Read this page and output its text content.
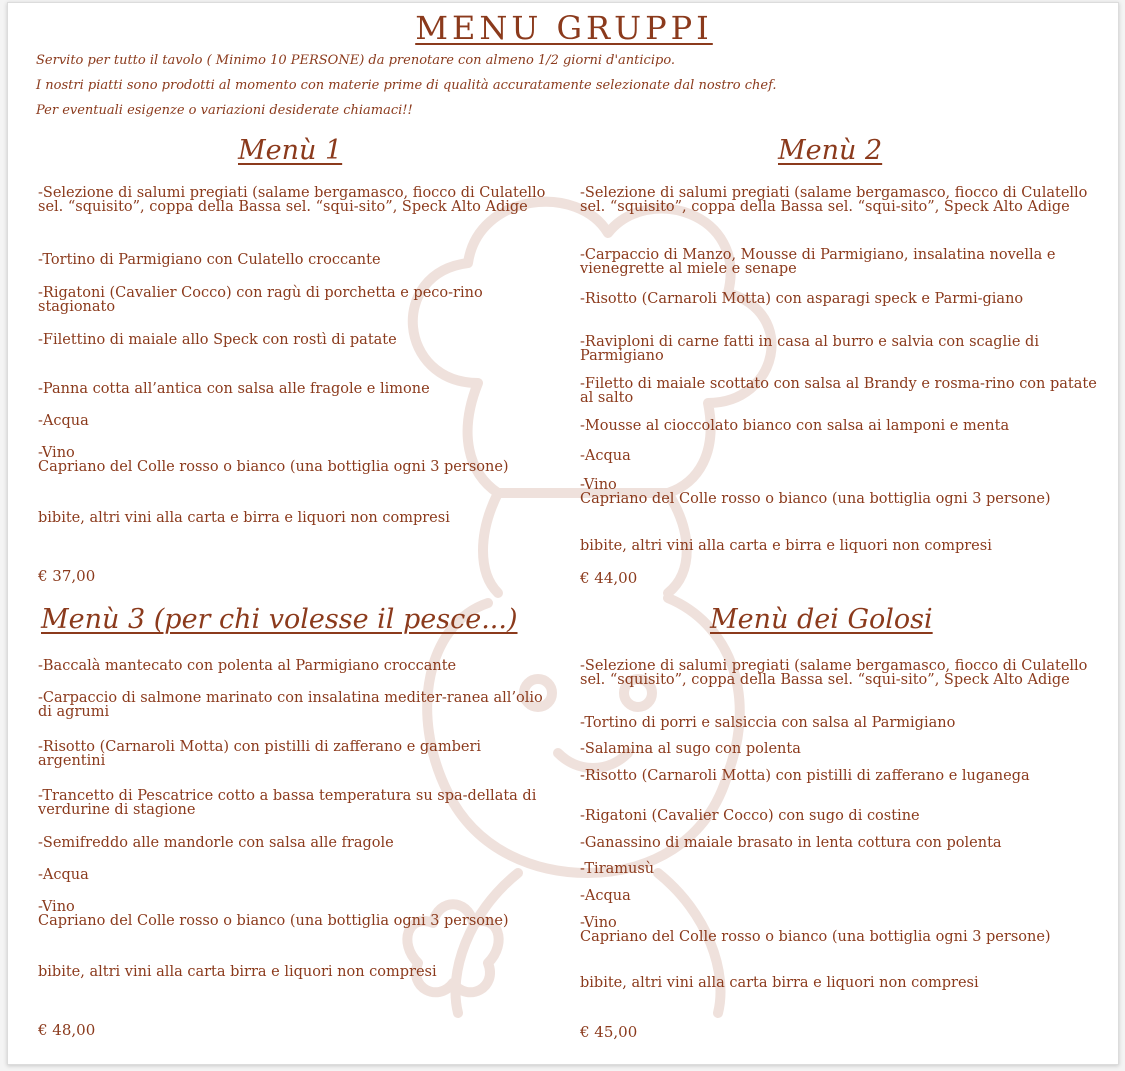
MENU GRUPPI
Servito per tutto il tavolo ( Minimo 10 PERSONE) da prenotare con almeno 1/2 giorni d'anticipo.
I nostri piatti sono prodotti al momento con materie prime di qualità accuratamente selezionate dal nostro chef.
Per eventuali esigenze o variazioni desiderate chiamaci!!
Menù 1
-Selezione di salumi pregiati (salame bergamasco, fiocco di Culatello sel. “squisito”, coppa della Bassa sel. “squi-sito”, Speck Alto Adige
-Tortino di Parmigiano con Culatello croccante
-Rigatoni (Cavalier Cocco) con ragù di porchetta e peco-rino stagionato
-Filettino di maiale allo Speck con rostì di patate
-Panna cotta all’antica con salsa alle fragole e limone
-Acqua
-Vino
Capriano del Colle rosso o bianco (una bottiglia ogni 3 persone)
bibite, altri vini alla carta e birra e liquori non compresi
€ 37,00
Menù 2
-Selezione di salumi pregiati (salame bergamasco, fiocco di Culatello sel. “squisito”, coppa della Bassa sel. “squi-sito”, Speck Alto Adige
-Carpaccio di Manzo, Mousse di Parmigiano, insalatina novella e vienegrette al miele e senape
-Risotto (Carnaroli Motta) con asparagi speck e Parmi-giano
-Raviploni di carne fatti in casa al burro e salvia con scaglie di Parmigiano
-Filetto di maiale scottato con salsa al Brandy e rosma-rino con patate al salto
-Mousse al cioccolato bianco con salsa ai lamponi e menta
-Acqua
-Vino
Capriano del Colle rosso o bianco (una bottiglia ogni 3 persone)
bibite, altri vini alla carta e birra e liquori non compresi
€ 44,00
Menù 3 (per chi volesse il pesce...)
-Baccalà mantecato con polenta al Parmigiano croccante
-Carpaccio di salmone marinato con insalatina mediter-ranea all’olio di agrumi
-Risotto (Carnaroli Motta) con pistilli di zafferano e gamberi argentini
-Trancetto di Pescatrice cotto a bassa temperatura su spa-dellata di verdurine di stagione
-Semifreddo alle mandorle con salsa alle fragole
-Acqua
-Vino
Capriano del Colle rosso o bianco (una bottiglia ogni 3 persone)
bibite, altri vini alla carta birra e liquori non compresi
€ 48,00
Menù dei Golosi
-Selezione di salumi pregiati (salame bergamasco, fiocco di Culatello sel. “squisito”, coppa della Bassa sel. “squi-sito”, Speck Alto Adige
-Tortino di porri e salsiccia con salsa al Parmigiano
-Salamina al sugo con polenta
-Risotto (Carnaroli Motta) con pistilli di zafferano e luganega
-Rigatoni (Cavalier Cocco) con sugo di costine
-Ganassino di maiale brasato in lenta cottura con polenta
-Tiramusù
-Acqua
-Vino
Capriano del Colle rosso o bianco (una bottiglia ogni 3 persone)
bibite, altri vini alla carta birra e liquori non compresi
€ 45,00
